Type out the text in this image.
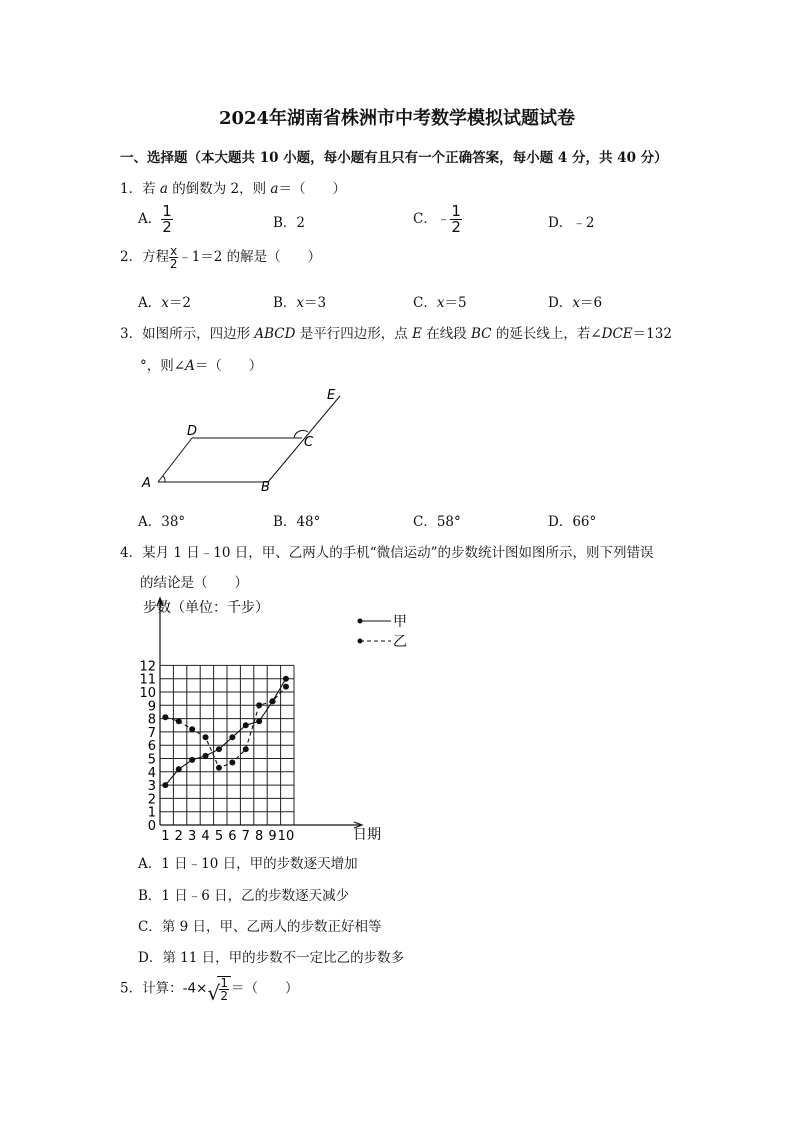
2024年湖南省株洲市中考数学模拟试题试卷
一、选择题（本大题共 10 小题，每小题有且只有一个正确答案，每小题 4 分，共 40 分）
1．若 a 的倒数为 2，则 a＝（　　）
A． $\frac{1}{2}$	B．2	C．﹣ $\frac{1}{2}$	D．﹣2
2．方程 $\frac{x}{2}$ ﹣1＝2 的解是（　　）
A．x＝2	B．x＝3	C．x＝5	D．x＝6
3．如图所示，四边形 ABCD 是平行四边形，点 E 在线段 BC 的延长线上，若∠DCE＝132
°，则∠A＝（　　）
A	B
C
D
E
A．38°	B．48°	C．58°	D．66°
4．某月 1 日﹣10 日，甲、乙两人的手机“微信运动”的步数统计图如图所示，则下列错误
的结论是（　　）
0
1
2
3
4
5
6
7
8
9
10
11
12
1 2 3 4 5 6 7 8 9 10
甲
乙
步数（单位：千步）
日期
A．1 日﹣10 日，甲的步数逐天增加
B．1 日﹣6 日，乙的步数逐天减少
C．第 9 日，甲、乙两人的步数正好相等
D．第 11 日，甲的步数不一定比乙的步数多
5．计算：-4× √ $\frac{1}{2}$ ＝（　　）
